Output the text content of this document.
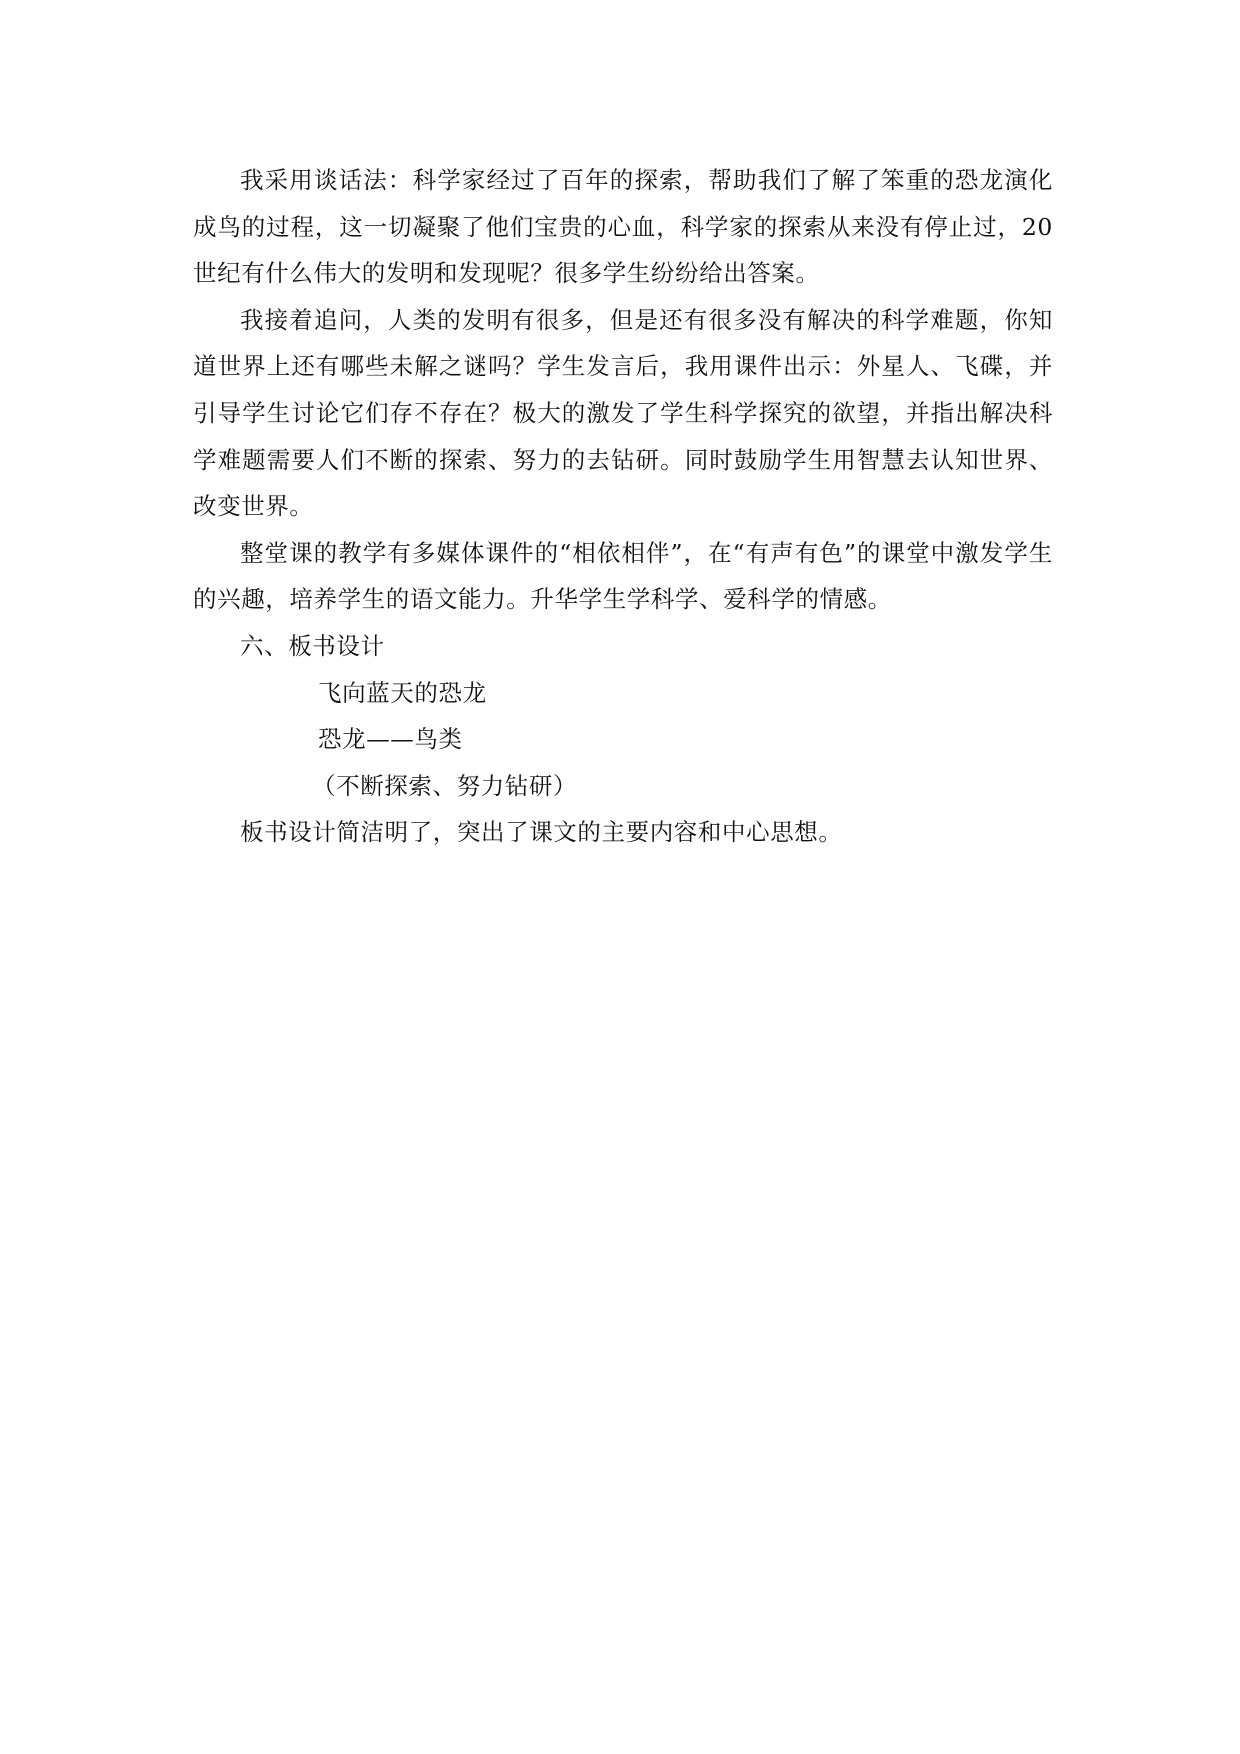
我采用谈话法：科学家经过了百年的探索，帮助我们了解了笨重的恐龙演化成鸟的过程，这一切凝聚了他们宝贵的心血，科学家的探索从来没有停止过，20世纪有什么伟大的发明和发现呢？很多学生纷纷给出答案。

我接着追问，人类的发明有很多，但是还有很多没有解决的科学难题，你知道世界上还有哪些未解之谜吗？学生发言后，我用课件出示：外星人、飞碟，并引导学生讨论它们存不存在？极大的激发了学生科学探究的欲望，并指出解决科学难题需要人们不断的探索、努力的去钻研。同时鼓励学生用智慧去认知世界、改变世界。

整堂课的教学有多媒体课件的“相依相伴”，在“有声有色”的课堂中激发学生的兴趣，培养学生的语文能力。升华学生学科学、爱科学的情感。

六、板书设计

飞向蓝天的恐龙
恐龙——鸟类
（不断探索、努力钻研）

板书设计简洁明了，突出了课文的主要内容和中心思想。
